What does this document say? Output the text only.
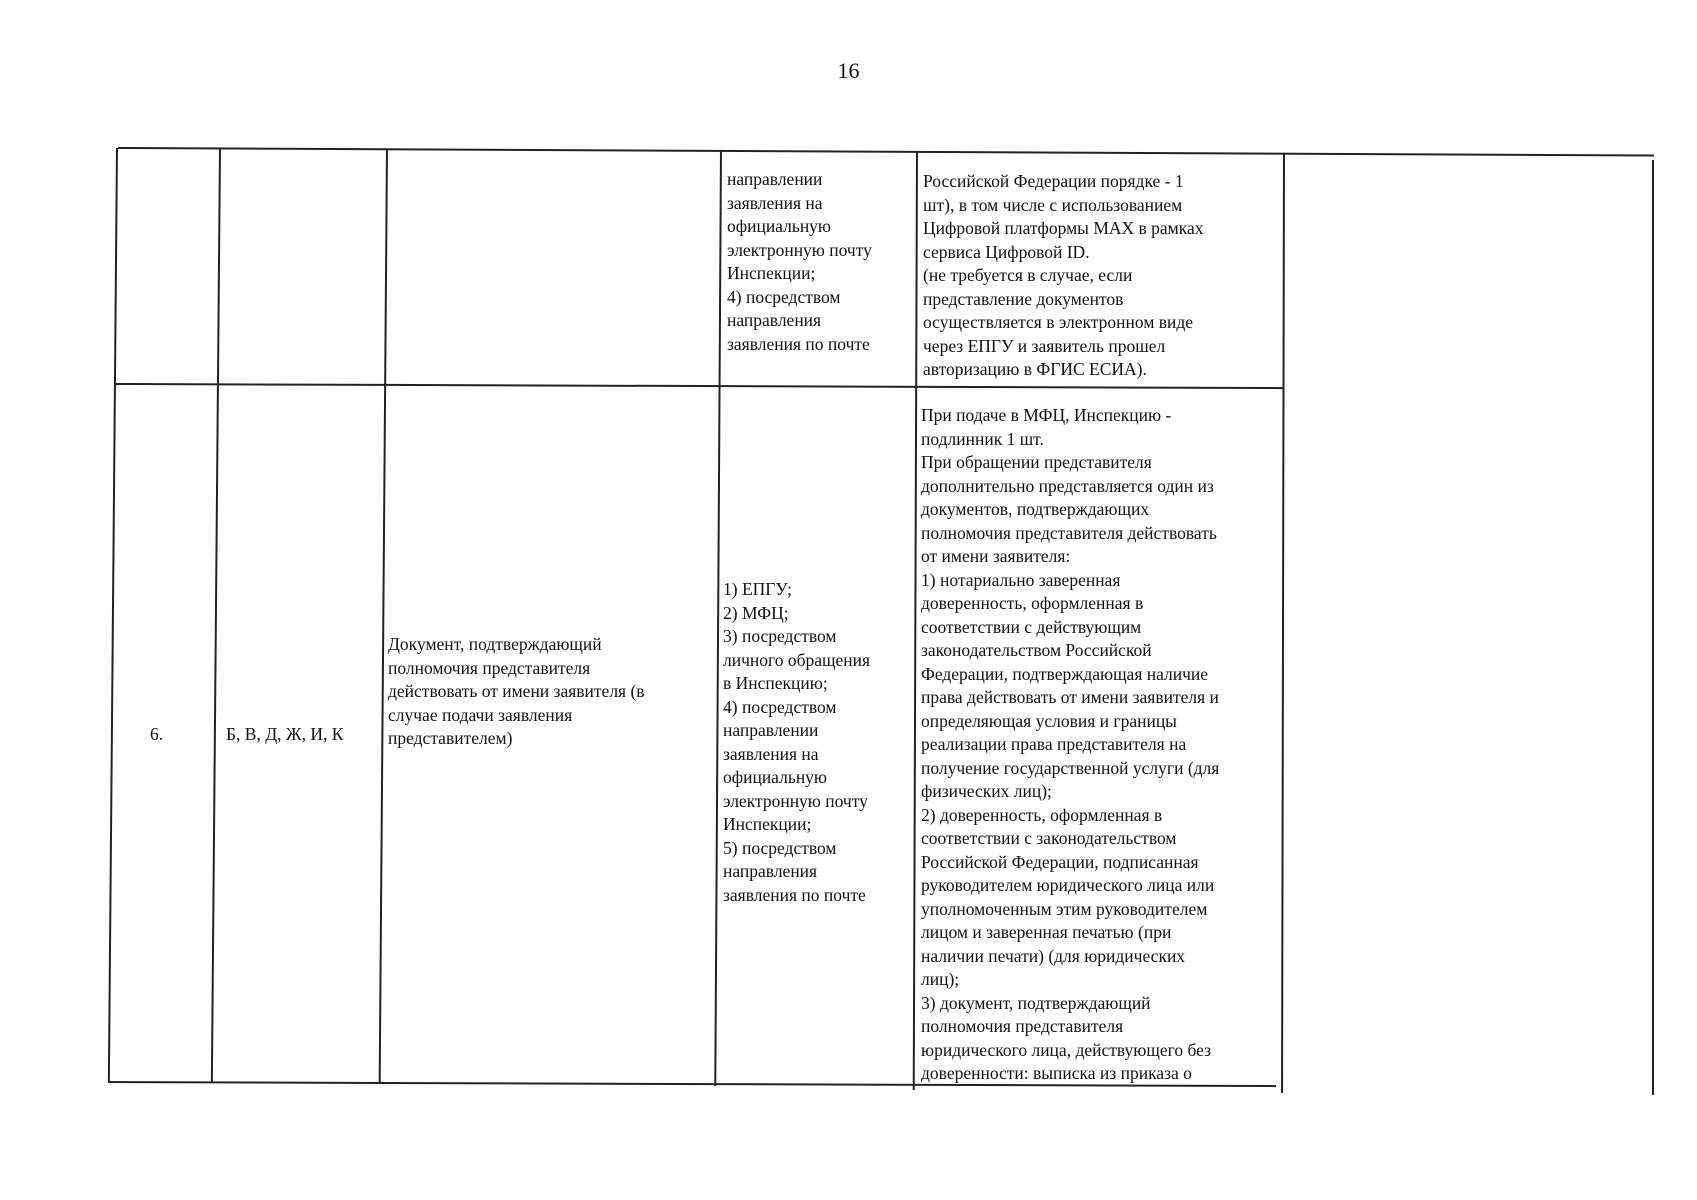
16
направлении
заявления на
официальную
электронную почту
Инспекции;
4) посредством
направления
заявления по почте
Российской Федерации порядке - 1
шт), в том числе с использованием
Цифровой платформы MAX в рамках
сервиса Цифровой ID.
(не требуется в случае, если
представление документов
осуществляется в электронном виде
через ЕПГУ и заявитель прошел
авторизацию в ФГИС ЕСИА).
6.	Б, В, Д, Ж, И, К
Документ, подтверждающий
полномочия представителя
действовать от имени заявителя (в
случае подачи заявления
представителем)
1) ЕПГУ;
2) МФЦ;
3) посредством
личного обращения
в Инспекцию;
4) посредством
направлении
заявления на
официальную
электронную почту
Инспекции;
5) посредством
направления
заявления по почте
При подаче в МФЦ, Инспекцию -
подлинник 1 шт.
При обращении представителя
дополнительно представляется один из
документов, подтверждающих
полномочия представителя действовать
от имени заявителя:
1) нотариально заверенная
доверенность, оформленная в
соответствии с действующим
законодательством Российской
Федерации, подтверждающая наличие
права действовать от имени заявителя и
определяющая условия и границы
реализации права представителя на
получение государственной услуги (для
физических лиц);
2) доверенность, оформленная в
соответствии с законодательством
Российской Федерации, подписанная
руководителем юридического лица или
уполномоченным этим руководителем
лицом и заверенная печатью (при
наличии печати) (для юридических
лиц);
3) документ, подтверждающий
полномочия представителя
юридического лица, действующего без
доверенности: выписка из приказа о
